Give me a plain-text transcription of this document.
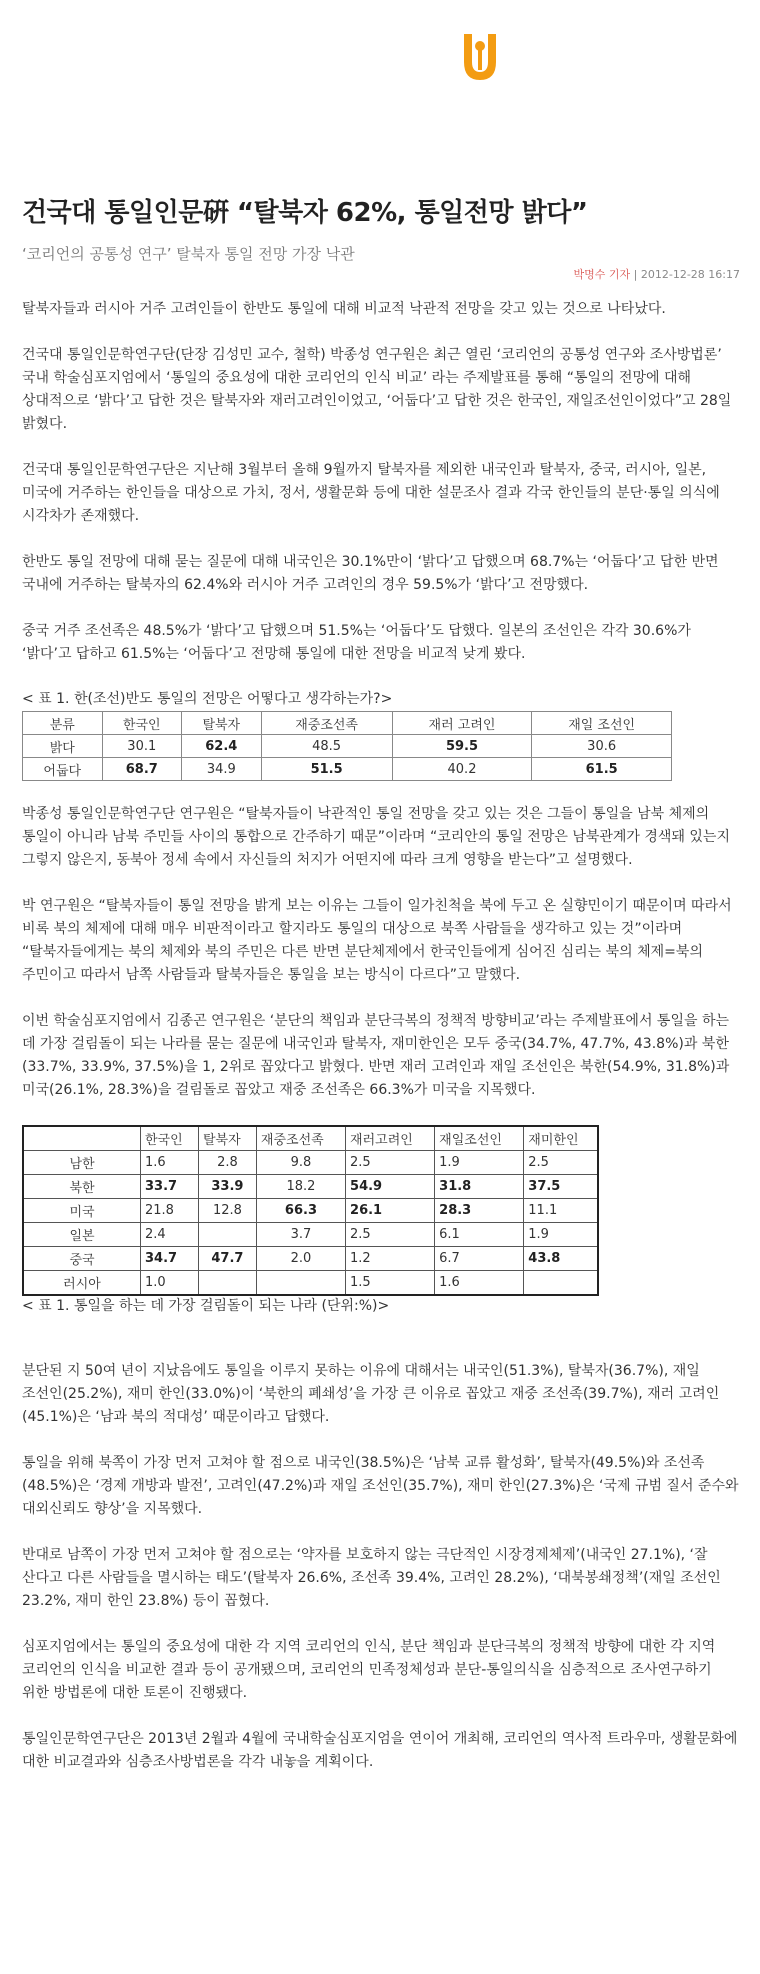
건국대 통일인문硏 “탈북자 62%, 통일전망 밝다”
‘코리언의 공통성 연구’ 탈북자 통일 전망 가장 낙관
박명수 기자 | 2012-12-28 16:17

탈북자들과 러시아 거주 고려인들이 한반도 통일에 대해 비교적 낙관적 전망을 갖고 있는 것으로 나타났다.

건국대 통일인문학연구단(단장 김성민 교수, 철학) 박종성 연구원은 최근 열린 ‘코리언의 공통성 연구와 조사방법론’ 국내 학술심포지엄에서 ‘통일의 중요성에 대한 코리언의 인식 비교’ 라는 주제발표를 통해 “통일의 전망에 대해 상대적으로 ‘밝다’고 답한 것은 탈북자와 재러고려인이었고, ‘어둡다’고 답한 것은 한국인, 재일조선인이었다”고 28일 밝혔다.

건국대 통일인문학연구단은 지난해 3월부터 올해 9월까지 탈북자를 제외한 내국인과 탈북자, 중국, 러시아, 일본, 미국에 거주하는 한인들을 대상으로 가치, 정서, 생활문화 등에 대한 설문조사 결과 각국 한인들의 분단·통일 의식에 시각차가 존재했다.

한반도 통일 전망에 대해 묻는 질문에 대해 내국인은 30.1%만이 ‘밝다’고 답했으며 68.7%는 ‘어둡다’고 답한 반면 국내에 거주하는 탈북자의 62.4%와 러시아 거주 고려인의 경우 59.5%가 ‘밝다’고 전망했다.

중국 거주 조선족은 48.5%가 ‘밝다’고 답했으며 51.5%는 ‘어둡다’도 답했다. 일본의 조선인은 각각 30.6%가 ‘밝다’고 답하고 61.5%는 ‘어둡다’고 전망해 통일에 대한 전망을 비교적 낮게 봤다.

< 표 1. 한(조선)반도 통일의 전망은 어떻다고 생각하는가?>

분류	한국인	탈북자	재중조선족	재러 고려인	재일 조선인
밝다	30.1	62.4	48.5	59.5	30.6
어둡다	68.7	34.9	51.5	40.2	61.5

박종성 통일인문학연구단 연구원은 “탈북자들이 낙관적인 통일 전망을 갖고 있는 것은 그들이 통일을 남북 체제의 통일이 아니라 남북 주민들 사이의 통합으로 간주하기 때문”이라며 “코리안의 통일 전망은 남북관계가 경색돼 있는지 그렇지 않은지, 동북아 정세 속에서 자신들의 처지가 어떤지에 따라 크게 영향을 받는다”고 설명했다.

박 연구원은 “탈북자들이 통일 전망을 밝게 보는 이유는 그들이 일가친척을 북에 두고 온 실향민이기 때문이며 따라서 비록 북의 체제에 대해 매우 비판적이라고 할지라도 통일의 대상으로 북쪽 사람들을 생각하고 있는 것”이라며 “탈북자들에게는 북의 체제와 북의 주민은 다른 반면 분단체제에서 한국인들에게 심어진 심리는 북의 체제=북의 주민이고 따라서 남쪽 사람들과 탈북자들은 통일을 보는 방식이 다르다”고 말했다.

이번 학술심포지엄에서 김종곤 연구원은 ‘분단의 책임과 분단극복의 정책적 방향비교’라는 주제발표에서 통일을 하는 데 가장 걸림돌이 되는 나라를 묻는 질문에 내국인과 탈북자, 재미한인은 모두 중국(34.7%, 47.7%, 43.8%)과 북한(33.7%, 33.9%, 37.5%)을 1, 2위로 꼽았다고 밝혔다. 반면 재러 고려인과 재일 조선인은 북한(54.9%, 31.8%)과 미국(26.1%, 28.3%)을 걸림돌로 꼽았고 재중 조선족은 66.3%가 미국을 지목했다.

	한국인	탈북자	재중조선족	재러고려인	재일조선인	재미한인
남한	1.6	2.8	9.8	2.5	1.9	2.5
북한	33.7	33.9	18.2	54.9	31.8	37.5
미국	21.8	12.8	66.3	26.1	28.3	11.1
일본	2.4		3.7	2.5	6.1	1.9
중국	34.7	47.7	2.0	1.2	6.7	43.8
러시아	1.0			1.5	1.6	

< 표 1. 통일을 하는 데 가장 걸림돌이 되는 나라 (단위:%)>

분단된 지 50여 년이 지났음에도 통일을 이루지 못하는 이유에 대해서는 내국인(51.3%), 탈북자(36.7%), 재일 조선인(25.2%), 재미 한인(33.0%)이 ‘북한의 폐쇄성’을 가장 큰 이유로 꼽았고 재중 조선족(39.7%), 재러 고려인(45.1%)은 ‘남과 북의 적대성’ 때문이라고 답했다.

통일을 위해 북쪽이 가장 먼저 고쳐야 할 점으로 내국인(38.5%)은 ‘남북 교류 활성화’, 탈북자(49.5%)와 조선족(48.5%)은 ‘경제 개방과 발전’, 고려인(47.2%)과 재일 조선인(35.7%), 재미 한인(27.3%)은 ‘국제 규범 질서 준수와 대외신뢰도 향상’을 지목했다.

반대로 남쪽이 가장 먼저 고쳐야 할 점으로는 ‘약자를 보호하지 않는 극단적인 시장경제체제’(내국인 27.1%), ‘잘 산다고 다른 사람들을 멸시하는 태도’(탈북자 26.6%, 조선족 39.4%, 고려인 28.2%), ‘대북봉쇄정책’(재일 조선인 23.2%, 재미 한인 23.8%) 등이 꼽혔다.

심포지엄에서는 통일의 중요성에 대한 각 지역 코리언의 인식, 분단 책임과 분단극복의 정책적 방향에 대한 각 지역 코리언의 인식을 비교한 결과 등이 공개됐으며, 코리언의 민족정체성과 분단-통일의식을 심층적으로 조사연구하기 위한 방법론에 대한 토론이 진행됐다.

통일인문학연구단은 2013년 2월과 4월에 국내학술심포지엄을 연이어 개최해, 코리언의 역사적 트라우마, 생활문화에 대한 비교결과와 심층조사방법론을 각각 내놓을 계획이다.
